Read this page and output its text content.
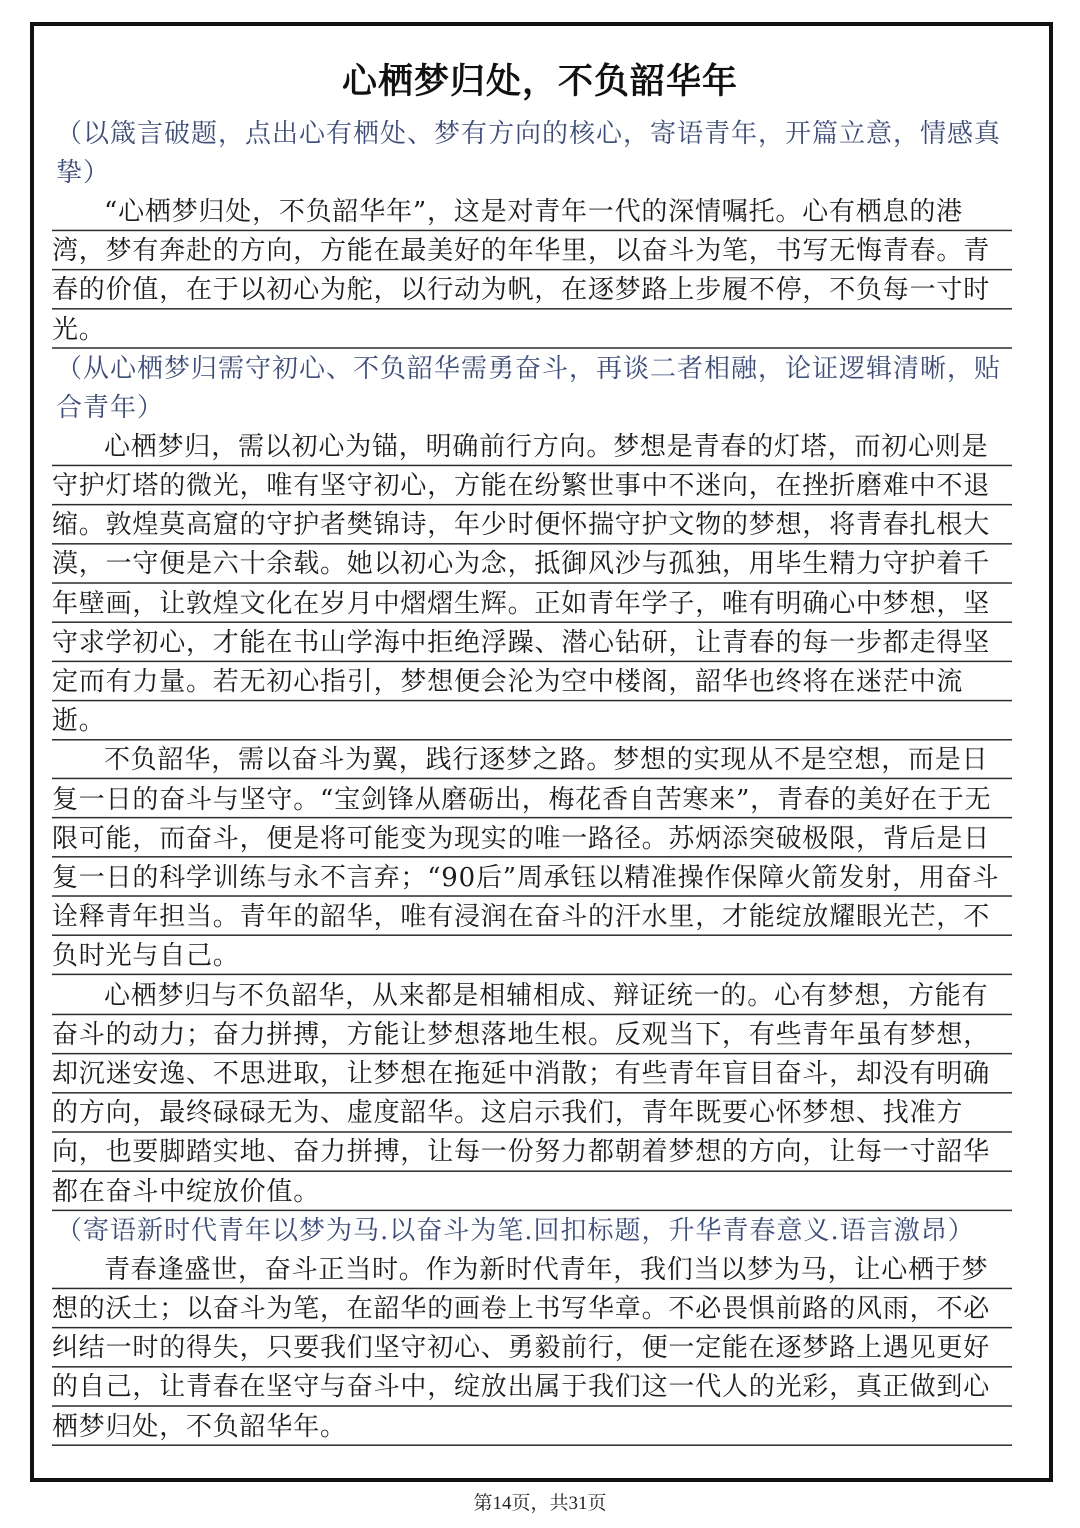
心栖梦归处，不负韶华年

（以箴言破题，点出心有栖处、梦有方向的核心，寄语青年，开篇立意，情感真挚）

“心栖梦归处，不负韶华年”，这是对青年一代的深情嘱托。心有栖息的港湾，梦有奔赴的方向，方能在最美好的年华里，以奋斗为笔，书写无悔青春。青春的价值，在于以初心为舵，以行动为帆，在逐梦路上步履不停，不负每一寸时光。

（从心栖梦归需守初心、不负韶华需勇奋斗，再谈二者相融，论证逻辑清晰，贴合青年）

心栖梦归，需以初心为锚，明确前行方向。梦想是青春的灯塔，而初心则是守护灯塔的微光，唯有坚守初心，方能在纷繁世事中不迷向，在挫折磨难中不退缩。敦煌莫高窟的守护者樊锦诗，年少时便怀揣守护文物的梦想，将青春扎根大漠，一守便是六十余载。她以初心为念，抵御风沙与孤独，用毕生精力守护着千年壁画，让敦煌文化在岁月中熠熠生辉。正如青年学子，唯有明确心中梦想，坚守求学初心，才能在书山学海中拒绝浮躁、潜心钻研，让青春的每一步都走得坚定而有力量。若无初心指引，梦想便会沦为空中楼阁，韶华也终将在迷茫中流逝。

不负韶华，需以奋斗为翼，践行逐梦之路。梦想的实现从不是空想，而是日复一日的奋斗与坚守。“宝剑锋从磨砺出，梅花香自苦寒来”，青春的美好在于无限可能，而奋斗，便是将可能变为现实的唯一路径。苏炳添突破极限，背后是日复一日的科学训练与永不言弃；“90后”周承钰以精准操作保障火箭发射，用奋斗诠释青年担当。青年的韶华，唯有浸润在奋斗的汗水里，才能绽放耀眼光芒，不负时光与自己。

心栖梦归与不负韶华，从来都是相辅相成、辩证统一的。心有梦想，方能有奋斗的动力；奋力拼搏，方能让梦想落地生根。反观当下，有些青年虽有梦想，却沉迷安逸、不思进取，让梦想在拖延中消散；有些青年盲目奋斗，却没有明确的方向，最终碌碌无为、虚度韶华。这启示我们，青年既要心怀梦想、找准方向，也要脚踏实地、奋力拼搏，让每一份努力都朝着梦想的方向，让每一寸韶华都在奋斗中绽放价值。

（寄语新时代青年以梦为马.以奋斗为笔.回扣标题，升华青春意义.语言激昂）

青春逢盛世，奋斗正当时。作为新时代青年，我们当以梦为马，让心栖于梦想的沃土；以奋斗为笔，在韶华的画卷上书写华章。不必畏惧前路的风雨，不必纠结一时的得失，只要我们坚守初心、勇毅前行，便一定能在逐梦路上遇见更好的自己，让青春在坚守与奋斗中，绽放出属于我们这一代人的光彩，真正做到心栖梦归处，不负韶华年。

第14页，共31页
